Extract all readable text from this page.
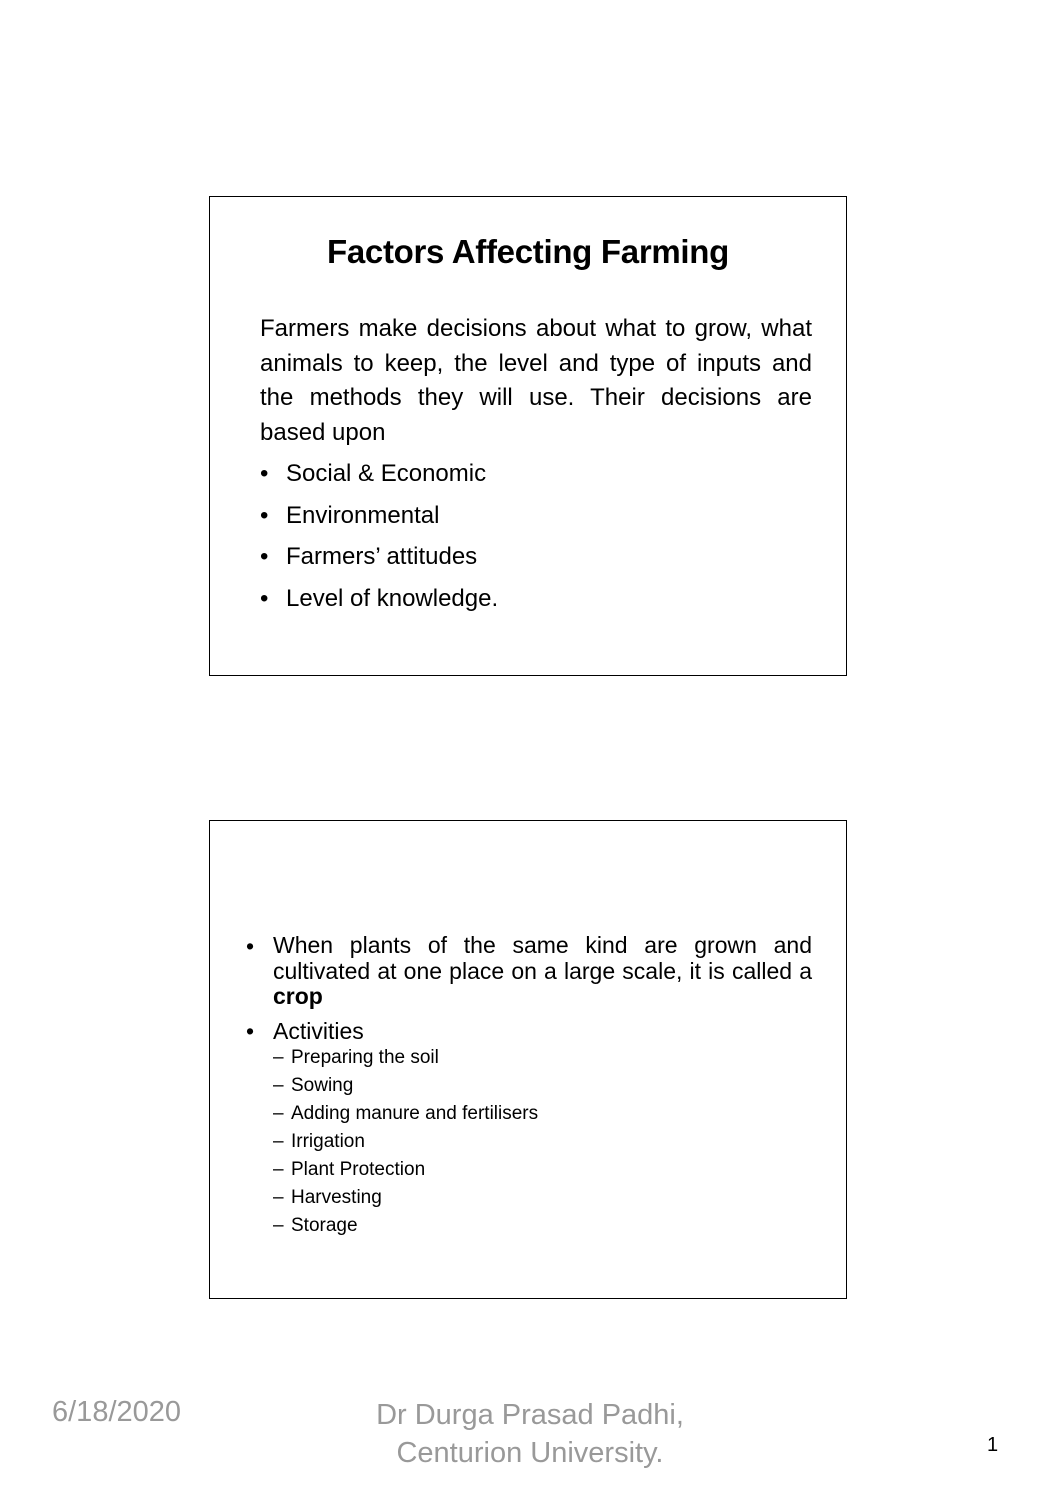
Factors Affecting Farming

Farmers make decisions about what to grow, what animals to keep, the level and type of inputs and the methods they will use. Their decisions are based upon

• Social & Economic
• Environmental
• Farmers’ attitudes
• Level of knowledge.
• When plants of the same kind are grown and cultivated at one place on a large scale, it is called a crop

• Activities
– Preparing the soil
– Sowing
– Adding manure and fertilisers
– Irrigation
– Plant Protection
– Harvesting
– Storage
6/18/2020	Dr Durga Prasad Padhi,
Centurion University.	1
